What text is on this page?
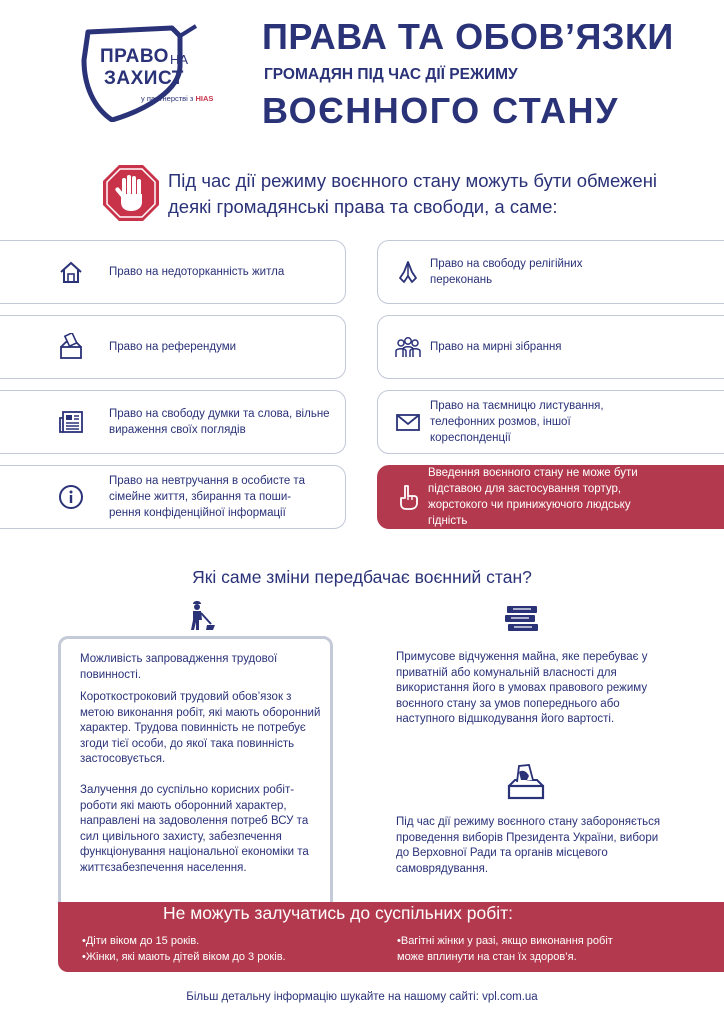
ПРАВО НА
ЗАХИСТ
у партнерстві з HIAS
ПРАВА ТА ОБОВ’ЯЗКИ
ГРОМАДЯН ПІД ЧАС ДІЇ РЕЖИМУ
ВОЄННОГО СТАНУ
Під час дії режиму воєнного стану можуть бути обмежені деякі громадянські права та свободи, а саме:
Право на недоторканність житла
Право на свободу релігійних переконань
Право на референдуми	Право на мирні зібрання
Право на свободу думки та слова, вільне вираження своїх поглядів
Право на таємницю листування, телефонних розмов, іншої кореспонденції
Право на невтручання в особисте та сімейне життя, збирання та поши-рення конфіденційної інформації
Введення воєнного стану не може бути підставою для застосування тортур, жорстокого чи принижуючого людську гідність
Які саме зміни передбачає воєнний стан?
Можливість запровадження трудової повинності.
Короткостроковий трудовий обов’язок з метою виконання робіт, які мають оборонний характер. Трудова повинність не потребує згоди тієї особи, до якої така повинність застосовується.
Залучення до суспільно корисних робіт-роботи які мають оборонний характер, направлені на задоволення потреб ВСУ та сил цивільного захисту, забезпечення функціонування національної економіки та життєзабезпечення населення.
Примусове відчуження майна, яке перебуває у приватній або комунальній власності для використання його в умовах правового режиму воєнного стану за умов попереднього або наступного відшкодування його вартості.
Під час дії режиму воєнного стану забороняється проведення виборів Президента України, вибори до Верховної Ради та органів місцевого самоврядування.
Не можуть залучатись до суспільних робіт:
•Діти віком до 15 років.
•Жінки, які мають дітей віком до 3 років.
•Вагітні жінки у разі, якщо виконання робіт може вплинути на стан їх здоров’я.
Більш детальну інформацію шукайте на нашому сайті: vpl.com.ua
